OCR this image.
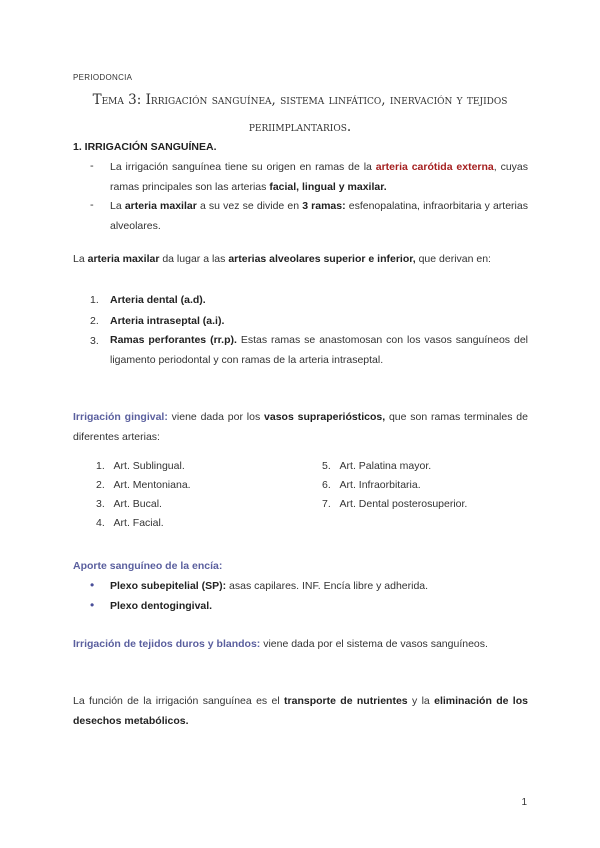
PERIODONCIA
Tema 3: Irrigación sanguínea, sistema linfático, inervación y tejidos
periimplantarios.
1. IRRIGACIÓN SANGUÍNEA.
- La irrigación sanguínea tiene su origen en ramas de la arteria carótida externa, cuyas ramas principales son las arterias facial, lingual y maxilar.
- La arteria maxilar a su vez se divide en 3 ramas: esfenopalatina, infraorbitaria y arterias alveolares.
La arteria maxilar da lugar a las arterias alveolares superior e inferior, que derivan en:
1. Arteria dental (a.d).
2. Arteria intraseptal (a.i).
3. Ramas perforantes (rr.p). Estas ramas se anastomosan con los vasos sanguíneos del ligamento periodontal y con ramas de la arteria intraseptal.
Irrigación gingival: viene dada por los vasos supraperiósticos, que son ramas terminales de diferentes arterias:
1. Art. Sublingual.
2. Art. Mentoniana.
3. Art. Bucal.
4. Art. Facial.
5. Art. Palatina mayor.
6. Art. Infraorbitaria.
7. Art. Dental posterosuperior.
Aporte sanguíneo de la encía:
• Plexo subepitelial (SP): asas capilares. INF. Encía libre y adherida.
• Plexo dentogingival.
Irrigación de tejidos duros y blandos: viene dada por el sistema de vasos sanguíneos.
La función de la irrigación sanguínea es el transporte de nutrientes y la eliminación de los desechos metabólicos.
1
